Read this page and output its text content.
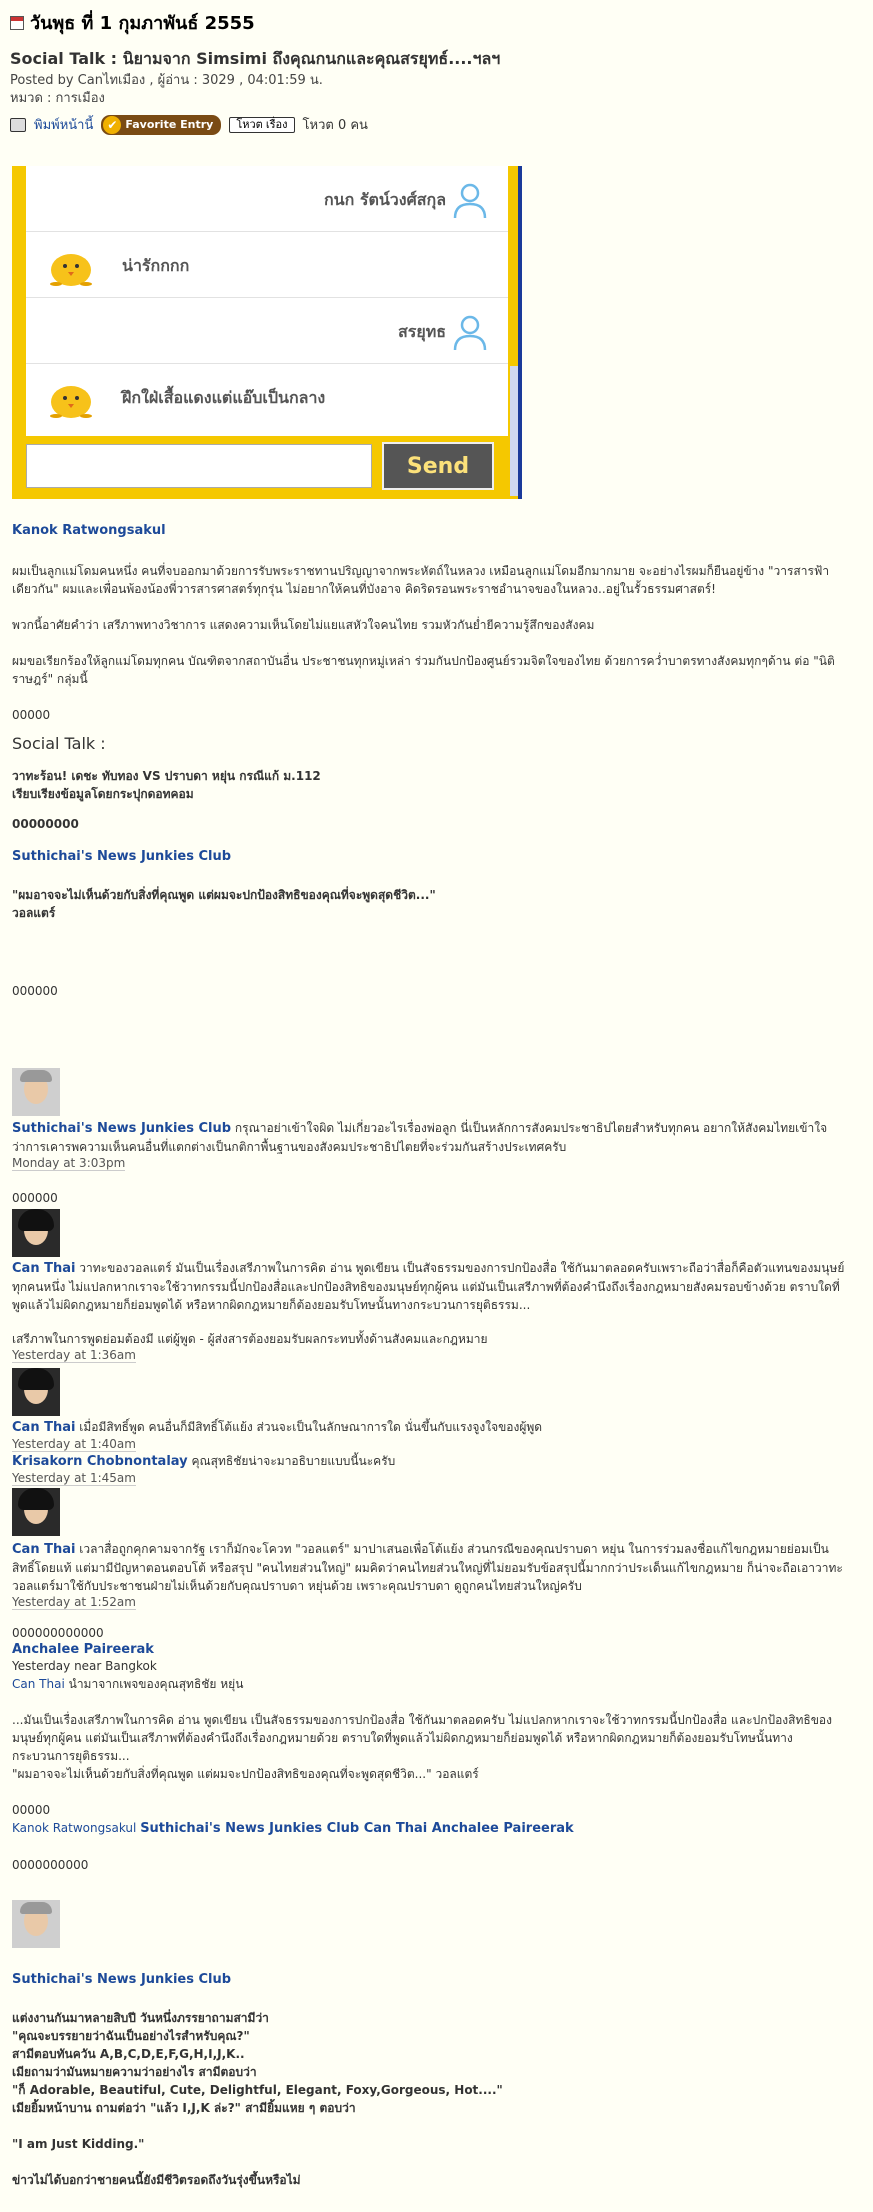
วันพุธ ที่ 1 กุมภาพันธ์ 2555
Social Talk : นิยามจาก Simsimi ถึงคุณกนกและคุณสรยุทธ์....ฯลฯ
Posted by Canไทเมือง , ผู้อ่าน : 3029 , 04:01:59 น.
หมวด : การเมือง
พิมพ์หน้านี้	✔ Favorite Entry	โหวต เรื่อง	โหวต 0 คน
กนก รัตน์วงศ์สกุล
น่ารักกกก
สรยุทธ
ฝึกใฝ่เสื้อแดงแต่แอ๊บเป็นกลาง
Send
Kanok Ratwongsakul
ผมเป็นลูกแม่โดมคนหนึ่ง คนที่จบออกมาด้วยการรับพระราชทานปริญญาจากพระหัตถ์ในหลวง เหมือนลูกแม่โดมอีกมากมาย จะอย่างไรผมก็ยืนอยู่ข้าง "วารสารฟ้าเดียวกัน" ผมและเพื่อนพ้องน้องพี่วารสารศาสตร์ทุกรุ่น ไม่อยากให้คนที่บังอาจ คิดริดรอนพระราชอำนาจของในหลวง..อยู่ในรั้วธรรมศาสตร์!
พวกนี้อาศัยคำว่า เสรีภาพทางวิชาการ แสดงความเห็นโดยไม่แยแสหัวใจคนไทย รวมหัวกันย่ำยีความรู้สึกของสังคม
ผมขอเรียกร้องให้ลูกแม่โดมทุกคน บัณฑิตจากสถาบันอื่น ประชาชนทุกหมู่เหล่า ร่วมกันปกป้องศูนย์รวมจิตใจของไทย ด้วยการคว่ำบาตรทางสังคมทุกๆด้าน ต่อ "นิติราษฎร์" กลุ่มนี้
00000
Social Talk :
วาทะร้อน! เดชะ ทับทอง VS ปราบดา หยุ่น กรณีแก้ ม.112
เรียบเรียงข้อมูลโดยกระปุกดอทคอม
00000000
Suthichai's News Junkies Club
"ผมอาจจะไม่เห็นด้วยกับสิ่งที่คุณพูด แต่ผมจะปกป้องสิทธิของคุณที่จะพูดสุดชีวิต..."
วอลแตร์
000000
Suthichai's News Junkies Club กรุณาอย่าเข้าใจผิด ไม่เกี่ยวอะไรเรื่องพ่อลูก นี่เป็นหลักการสังคมประชาธิปไตยสำหรับทุกคน อยากให้สังคมไทยเข้าใจว่าการเคารพความเห็นคนอื่นที่แตกต่างเป็นกติกาพื้นฐานของสังคมประชาธิปไตยที่จะร่วมกันสร้างประเทศครับ
Monday at 3:03pm
000000
Can Thai วาทะของวอลแตร์ มันเป็นเรื่องเสรีภาพในการคิด อ่าน พูดเขียน เป็นสัจธรรมของการปกป้องสื่อ ใช้กันมาตลอดครับเพราะถือว่าสื่อก็คือตัวแทนของมนุษย์ทุกคนหนึ่ง ไม่แปลกหากเราจะใช้วาทกรรมนี้ปกป้องสื่อและปกป้องสิทธิของมนุษย์ทุกผู้คน แต่มันเป็นเสรีภาพที่ต้องคำนึงถึงเรื่องกฎหมายสังคมรอบข้างด้วย ตราบใดที่พูดแล้วไม่ผิดกฎหมายก็ย่อมพูดได้ หรือหากผิดกฎหมายก็ต้องยอมรับโทษนั้นทางกระบวนการยุติธรรม...
เสรีภาพในการพูดย่อมต้องมี แต่ผู้พูด - ผู้ส่งสารต้องยอมรับผลกระทบทั้งด้านสังคมและกฎหมาย
Yesterday at 1:36am
Can Thai เมื่อมีสิทธิ์พูด คนอื่นก็มีสิทธิ์โต้แย้ง ส่วนจะเป็นในลักษณาการใด นั่นขึ้นกับแรงจูงใจของผู้พูด
Yesterday at 1:40am
Krisakorn Chobnontalay คุณสุทธิชัยน่าจะมาอธิบายแบบนี้นะครับ
Yesterday at 1:45am
Can Thai เวลาสื่อถูกคุกคามจากรัฐ เราก็มักจะโควท "วอลแตร์" มาปาเสนอเพื่อโต้แย้ง ส่วนกรณีของคุณปราบดา หยุ่น ในการร่วมลงชื่อแก้ไขกฎหมายย่อมเป็นสิทธิ์โดยแท้ แต่มามีปัญหาตอนตอบโต้ หรือสรุป "คนไทยส่วนใหญ่" ผมคิดว่าคนไทยส่วนใหญ่ที่ไม่ยอมรับข้อสรุปนี้มากกว่าประเด็นแก้ไขกฎหมาย ก็น่าจะถือเอาวาทะ วอลแตร์มาใช้กับประชาชนฝ่ายไม่เห็นด้วยกับคุณปราบดา หยุ่นด้วย เพราะคุณปราบดา ดูถูกคนไทยส่วนใหญ่ครับ
Yesterday at 1:52am
000000000000
Anchalee Paireerak
Yesterday near Bangkok
Can Thai นำมาจากเพจของคุณสุทธิชัย หยุ่น
...มันเป็นเรื่องเสรีภาพในการคิด อ่าน พูดเขียน เป็นสัจธรรมของการปกป้องสื่อ ใช้กันมาตลอดครับ ไม่แปลกหากเราจะใช้วาทกรรมนี้ปกป้องสื่อ และปกป้องสิทธิของมนุษย์ทุกผู้คน แต่มันเป็นเสรีภาพที่ต้องคำนึงถึงเรื่องกฎหมายด้วย ตราบใดที่พูดแล้วไม่ผิดกฎหมายก็ย่อมพูดได้ หรือหากผิดกฎหมายก็ต้องยอมรับโทษนั้นทางกระบวนการยุติธรรม...
"ผมอาจจะไม่เห็นด้วยกับสิ่งที่คุณพูด แต่ผมจะปกป้องสิทธิของคุณที่จะพูดสุดชีวิต..." วอลแตร์
00000
Kanok Ratwongsakul Suthichai's News Junkies Club Can Thai Anchalee Paireerak
0000000000
Suthichai's News Junkies Club
แต่งงานกันมาหลายสิบปี วันหนึ่งภรรยาถามสามีว่า
"คุณจะบรรยายว่าฉันเป็นอย่างไรสำหรับคุณ?"
สามีตอบทันควัน A,B,C,D,E,F,G,H,I,J,K..
เมียถามว่ามันหมายความว่าอย่างไร สามีตอบว่า
"ก็ Adorable, Beautiful, Cute, Delightful, Elegant, Foxy,Gorgeous, Hot...."
เมียยิ้มหน้าบาน ถามต่อว่า "แล้ว I,J,K ล่ะ?" สามียิ้มแหย ๆ ตอบว่า
"I am Just Kidding."
ข่าวไม่ได้บอกว่าชายคนนี้ยังมีชีวิตรอดถึงวันรุ่งขึ้นหรือไม่
